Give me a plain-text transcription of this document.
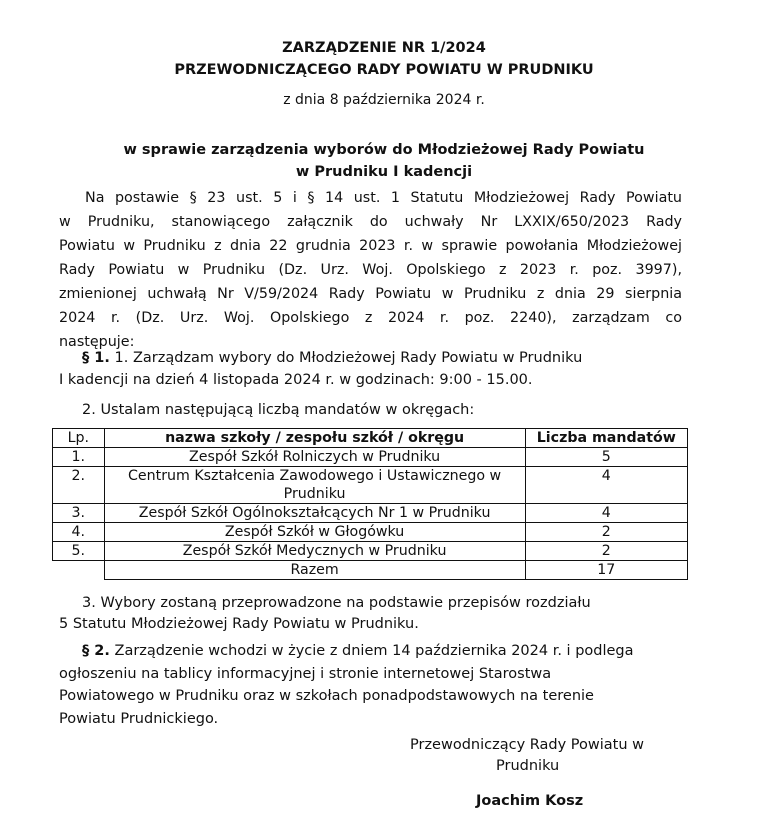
ZARZĄDZENIE NR 1/2024
PRZEWODNICZĄCEGO RADY POWIATU W PRUDNIKU
z dnia 8 października 2024 r.
w sprawie zarządzenia wyborów do Młodzieżowej Rady Powiatu
w Prudniku I kadencji
Na postawie § 23 ust. 5 i § 14 ust. 1 Statutu Młodzieżowej Rady Powiatu
w Prudniku, stanowiącego załącznik do uchwały Nr LXXIX/650/2023 Rady
Powiatu w Prudniku z dnia 22 grudnia 2023 r. w sprawie powołania Młodzieżowej
Rady Powiatu w Prudniku (Dz. Urz. Woj. Opolskiego z 2023 r. poz. 3997),
zmienionej uchwałą Nr V/59/2024 Rady Powiatu w Prudniku z dnia 29 sierpnia
2024 r. (Dz. Urz. Woj. Opolskiego z 2024 r. poz. 2240), zarządzam co
następuje:
§ 1. 1. Zarządzam wybory do Młodzieżowej Rady Powiatu w Prudniku
I kadencji na dzień 4 listopada 2024 r. w godzinach: 9:00 - 15.00.
2. Ustalam następującą liczbą mandatów w okręgach:
Lp.	nazwa szkoły / zespołu szkół / okręgu	Liczba mandatów
1.	Zespół Szkół Rolniczych w Prudniku	5
2.	Centrum Kształcenia Zawodowego i Ustawicznego w Prudniku	4
3.	Zespół Szkół Ogólnokształcących Nr 1 w Prudniku	4
4.	Zespół Szkół w Głogówku	2
5.	Zespół Szkół Medycznych w Prudniku	2
	Razem	17
3. Wybory zostaną przeprowadzone na podstawie przepisów rozdziału
5 Statutu Młodzieżowej Rady Powiatu w Prudniku.
§ 2. Zarządzenie wchodzi w życie z dniem 14 października 2024 r. i podlega
ogłoszeniu na tablicy informacyjnej i stronie internetowej Starostwa
Powiatowego w Prudniku oraz w szkołach ponadpodstawowych na terenie
Powiatu Prudnickiego.
Przewodniczący Rady Powiatu w
Prudniku
Joachim Kosz
